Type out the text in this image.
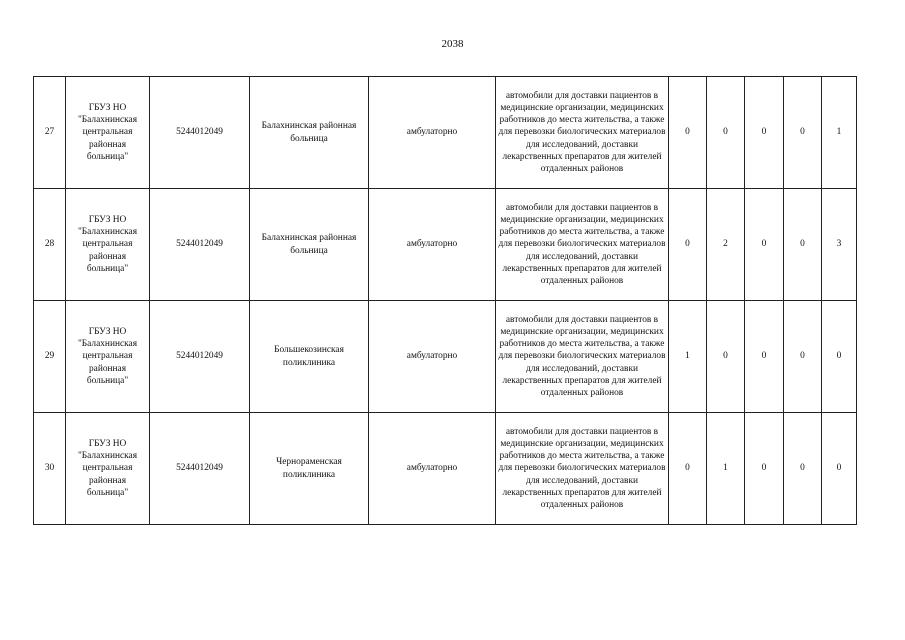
2038
27	ГБУЗ НО "Балахнинская центральная районная больница"	5244012049	Балахнинская районная больница	амбулаторно	автомобили для доставки пациентов в медицинские организации, медицинских работников до места жительства, а также для перевозки биологических материалов для исследований, доставки лекарственных препаратов для жителей отдаленных районов	0	0	0	0	1
28	ГБУЗ НО "Балахнинская центральная районная больница"	5244012049	Балахнинская районная больница	амбулаторно	автомобили для доставки пациентов в медицинские организации, медицинских работников до места жительства, а также для перевозки биологических материалов для исследований, доставки лекарственных препаратов для жителей отдаленных районов	0	2	0	0	3
29	ГБУЗ НО "Балахнинская центральная районная больница"	5244012049	Большекозинская поликлиника	амбулаторно	автомобили для доставки пациентов в медицинские организации, медицинских работников до места жительства, а также для перевозки биологических материалов для исследований, доставки лекарственных препаратов для жителей отдаленных районов	1	0	0	0	0
30	ГБУЗ НО "Балахнинская центральная районная больница"	5244012049	Чернораменская поликлиника	амбулаторно	автомобили для доставки пациентов в медицинские организации, медицинских работников до места жительства, а также для перевозки биологических материалов для исследований, доставки лекарственных препаратов для жителей отдаленных районов	0	1	0	0	0
